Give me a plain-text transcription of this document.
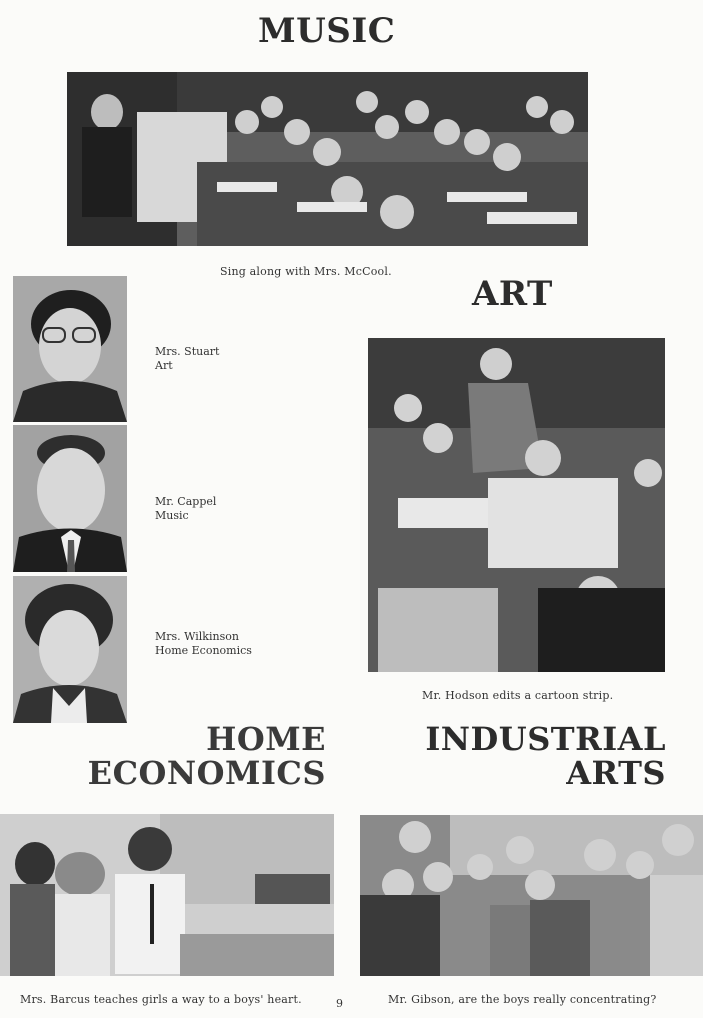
MUSIC
Sing along with Mrs. McCool.
ART
Mrs. Stuart
Art
Mr. Cappel
Music
Mrs. Wilkinson
Home Economics
Mr. Hodson edits a cartoon strip.
HOME
ECONOMICS
INDUSTRIAL
ARTS
Mrs. Barcus teaches girls a way to a boys' heart.	9	Mr. Gibson, are the boys really concentrating?
